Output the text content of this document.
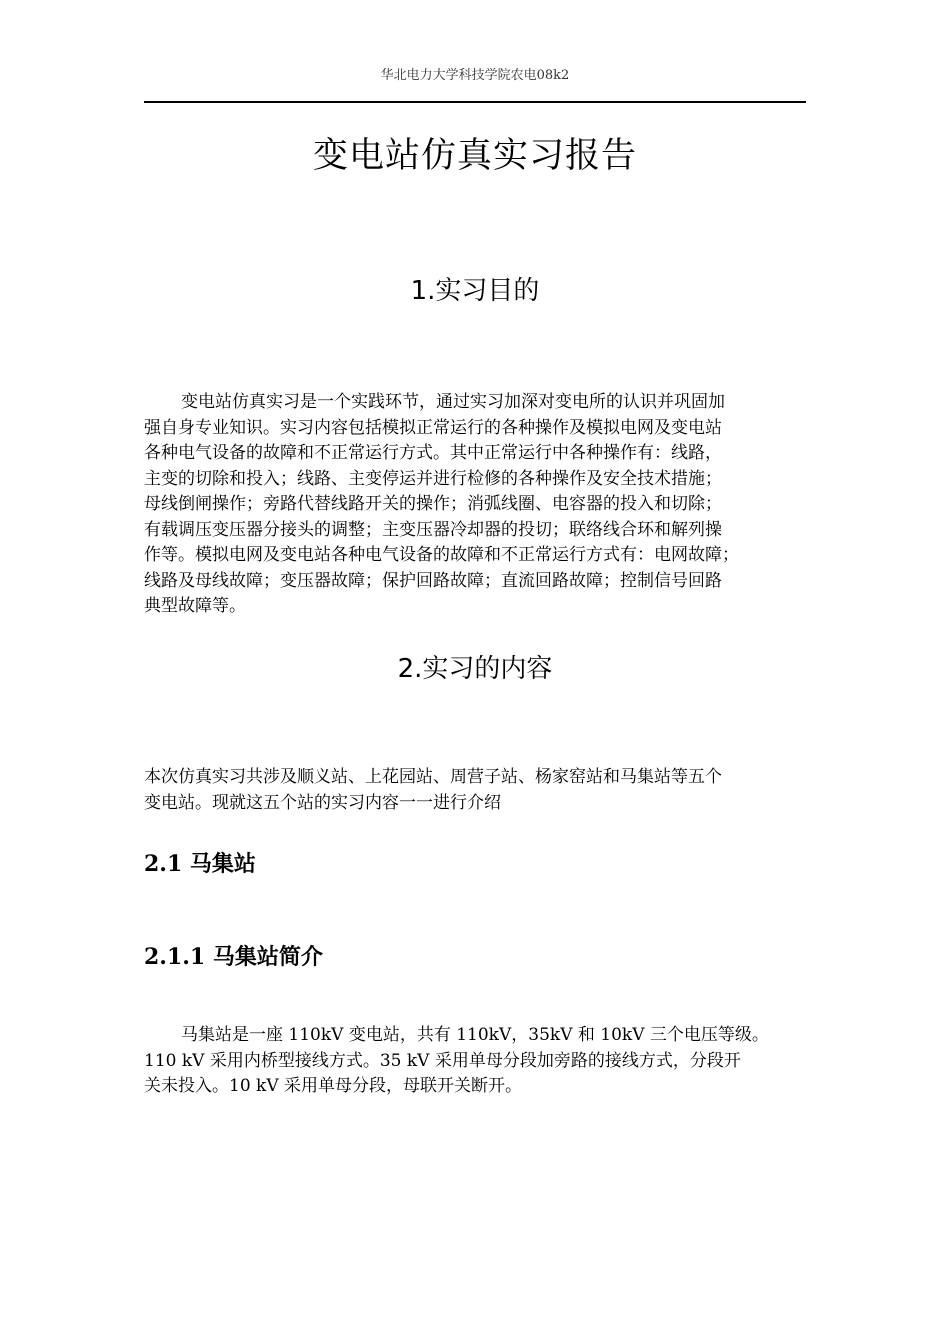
华北电力大学科技学院农电08k2
变电站仿真实习报告
1.实习目的
变电站仿真实习是一个实践环节，通过实习加深对变电所的认识并巩固加
强自身专业知识。实习内容包括模拟正常运行的各种操作及模拟电网及变电站
各种电气设备的故障和不正常运行方式。其中正常运行中各种操作有：线路，
主变的切除和投入；线路、主变停运并进行检修的各种操作及安全技术措施；
母线倒闸操作；旁路代替线路开关的操作；消弧线圈、电容器的投入和切除；
有载调压变压器分接头的调整；主变压器冷却器的投切；联络线合环和解列操
作等。模拟电网及变电站各种电气设备的故障和不正常运行方式有：电网故障；
线路及母线故障；变压器故障；保护回路故障；直流回路故障；控制信号回路
典型故障等。
2.实习的内容
本次仿真实习共涉及顺义站、上花园站、周营子站、杨家窑站和马集站等五个
变电站。现就这五个站的实习内容一一进行介绍
2.1 马集站
2.1.1 马集站简介
马集站是一座 110kV 变电站，共有 110kV，35kV 和 10kV 三个电压等级。
110 kV 采用内桥型接线方式。35 kV 采用单母分段加旁路的接线方式，分段开
关未投入。10 kV 采用单母分段，母联开关断开。
